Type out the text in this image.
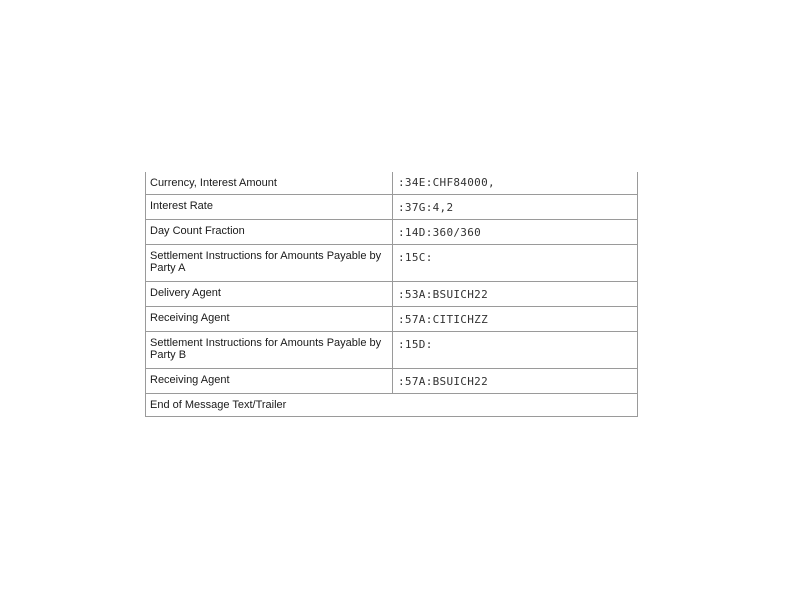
Currency, Interest Amount	:34E:CHF84000,
Interest Rate	:37G:4,2
Day Count Fraction	:14D:360/360
Settlement Instructions for Amounts Payable by Party A	:15C:
Delivery Agent	:53A:BSUICH22
Receiving Agent	:57A:CITICHZZ
Settlement Instructions for Amounts Payable by Party B	:15D:
Receiving Agent	:57A:BSUICH22
End of Message Text/Trailer	
